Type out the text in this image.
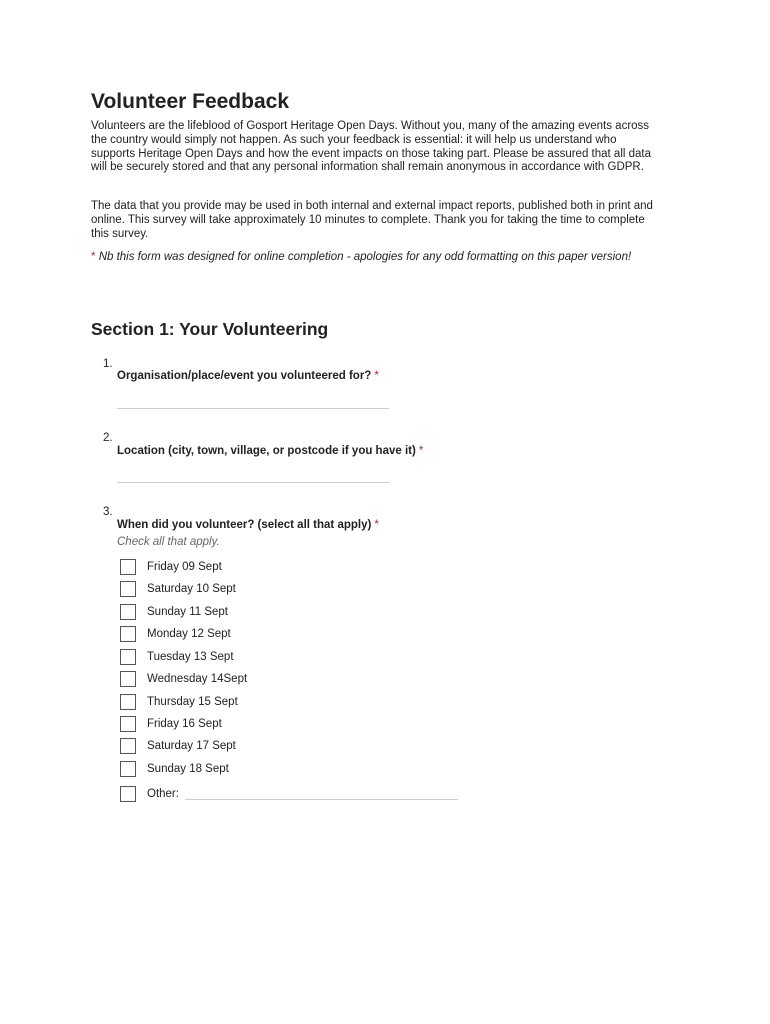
Volunteer Feedback

Volunteers are the lifeblood of Gosport Heritage Open Days. Without you, many of the amazing events across the country would simply not happen. As such your feedback is essential: it will help us understand who supports Heritage Open Days and how the event impacts on those taking part. Please be assured that all data will be securely stored and that any personal information shall remain anonymous in accordance with GDPR.

The data that you provide may be used in both internal and external impact reports, published both in print and online. This survey will take approximately 10 minutes to complete. Thank you for taking the time to complete this survey.

* Nb this form was designed for online completion - apologies for any odd formatting on this paper version!

Section 1: Your Volunteering
1.
Organisation/place/event you volunteered for? *
2.
Location (city, town, village, or postcode if you have it) *
3.
When did you volunteer? (select all that apply) *
Check all that apply.
Friday 09 Sept
Saturday 10 Sept
Sunday 11 Sept
Monday 12 Sept
Tuesday 13 Sept
Wednesday 14Sept
Thursday 15 Sept
Friday 16 Sept
Saturday 17 Sept
Sunday 18 Sept
Other:
